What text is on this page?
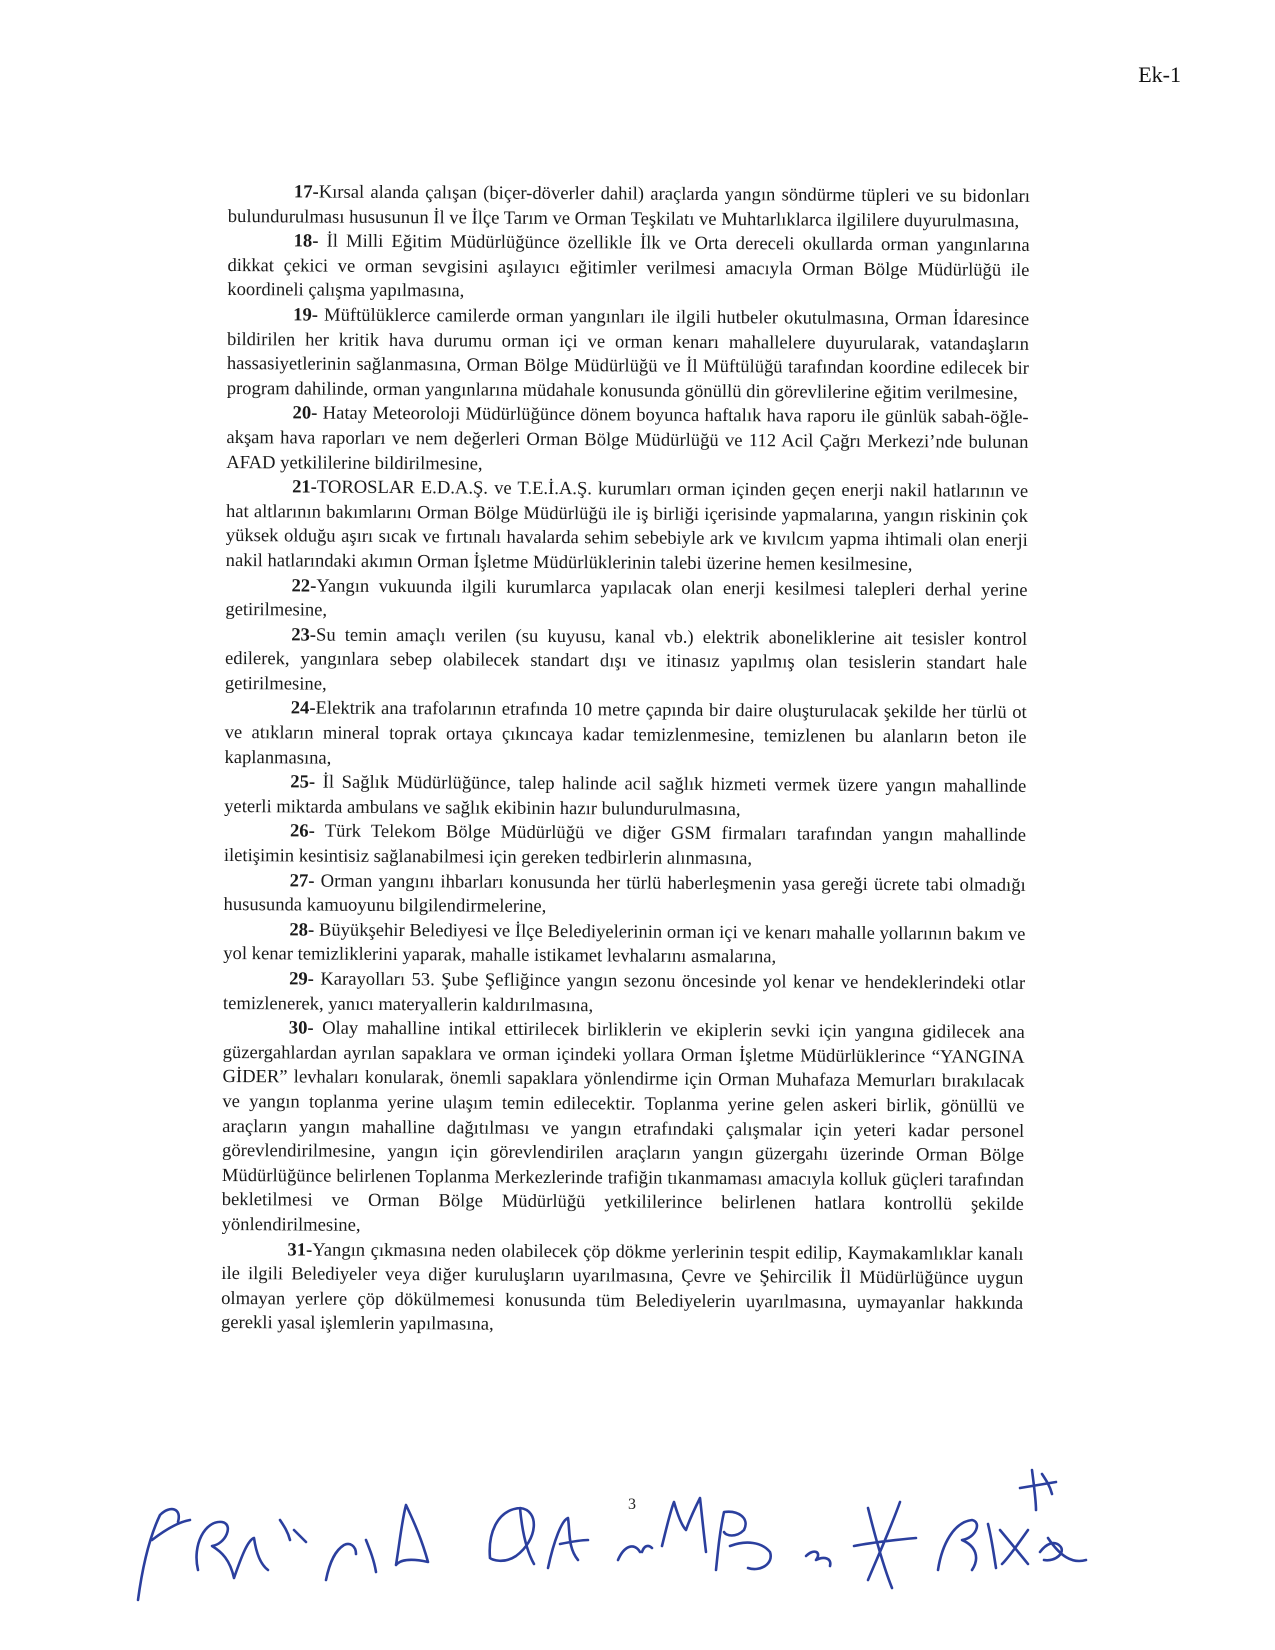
Ek-1

17-Kırsal alanda çalışan (biçer-döverler dahil) araçlarda yangın söndürme tüpleri ve su bidonları bulundurulması hususunun İl ve İlçe Tarım ve Orman Teşkilatı ve Muhtarlıklarca ilgililere duyurulmasına,

18- İl Milli Eğitim Müdürlüğünce özellikle İlk ve Orta dereceli okullarda orman yangınlarına dikkat çekici ve orman sevgisini aşılayıcı eğitimler verilmesi amacıyla Orman Bölge Müdürlüğü ile koordineli çalışma yapılmasına,

19- Müftülüklerce camilerde orman yangınları ile ilgili hutbeler okutulmasına, Orman İdaresince bildirilen her kritik hava durumu orman içi ve orman kenarı mahallelere duyurularak, vatandaşların hassasiyetlerinin sağlanmasına, Orman Bölge Müdürlüğü ve İl Müftülüğü tarafından koordine edilecek bir program dahilinde, orman yangınlarına müdahale konusunda gönüllü din görevlilerine eğitim verilmesine,

20- Hatay Meteoroloji Müdürlüğünce dönem boyunca haftalık hava raporu ile günlük sabah-öğle-akşam hava raporları ve nem değerleri Orman Bölge Müdürlüğü ve 112 Acil Çağrı Merkezi’nde bulunan AFAD yetkililerine bildirilmesine,

21-TOROSLAR E.D.A.Ş. ve T.E.İ.A.Ş. kurumları orman içinden geçen enerji nakil hatlarının ve hat altlarının bakımlarını Orman Bölge Müdürlüğü ile iş birliği içerisinde yapmalarına, yangın riskinin çok yüksek olduğu aşırı sıcak ve fırtınalı havalarda sehim sebebiyle ark ve kıvılcım yapma ihtimali olan enerji nakil hatlarındaki akımın Orman İşletme Müdürlüklerinin talebi üzerine hemen kesilmesine,

22-Yangın vukuunda ilgili kurumlarca yapılacak olan enerji kesilmesi talepleri derhal yerine getirilmesine,

23-Su temin amaçlı verilen (su kuyusu, kanal vb.) elektrik aboneliklerine ait tesisler kontrol edilerek, yangınlara sebep olabilecek standart dışı ve itinasız yapılmış olan tesislerin standart hale getirilmesine,

24-Elektrik ana trafolarının etrafında 10 metre çapında bir daire oluşturulacak şekilde her türlü ot ve atıkların mineral toprak ortaya çıkıncaya kadar temizlenmesine, temizlenen bu alanların beton ile kaplanmasına,

25- İl Sağlık Müdürlüğünce, talep halinde acil sağlık hizmeti vermek üzere yangın mahallinde yeterli miktarda ambulans ve sağlık ekibinin hazır bulundurulmasına,

26- Türk Telekom Bölge Müdürlüğü ve diğer GSM firmaları tarafından yangın mahallinde iletişimin kesintisiz sağlanabilmesi için gereken tedbirlerin alınmasına,

27- Orman yangını ihbarları konusunda her türlü haberleşmenin yasa gereği ücrete tabi olmadığı hususunda kamuoyunu bilgilendirmelerine,

28- Büyükşehir Belediyesi ve İlçe Belediyelerinin orman içi ve kenarı mahalle yollarının bakım ve yol kenar temizliklerini yaparak, mahalle istikamet levhalarını asmalarına,

29- Karayolları 53. Şube Şefliğince yangın sezonu öncesinde yol kenar ve hendeklerindeki otlar temizlenerek, yanıcı materyallerin kaldırılmasına,

30- Olay mahalline intikal ettirilecek birliklerin ve ekiplerin sevki için yangına gidilecek ana güzergahlardan ayrılan sapaklara ve orman içindeki yollara Orman İşletme Müdürlüklerince “YANGINA GİDER” levhaları konularak, önemli sapaklara yönlendirme için Orman Muhafaza Memurları bırakılacak ve yangın toplanma yerine ulaşım temin edilecektir. Toplanma yerine gelen askeri birlik, gönüllü ve araçların yangın mahalline dağıtılması ve yangın etrafındaki çalışmalar için yeteri kadar personel görevlendirilmesine, yangın için görevlendirilen araçların yangın güzergahı üzerinde Orman Bölge Müdürlüğünce belirlenen Toplanma Merkezlerinde trafiğin tıkanmaması amacıyla kolluk güçleri tarafından bekletilmesi ve Orman Bölge Müdürlüğü yetkililerince belirlenen hatlara kontrollü şekilde yönlendirilmesine,

31-Yangın çıkmasına neden olabilecek çöp dökme yerlerinin tespit edilip, Kaymakamlıklar kanalı ile ilgili Belediyeler veya diğer kuruluşların uyarılmasına, Çevre ve Şehircilik İl Müdürlüğünce uygun olmayan yerlere çöp dökülmemesi konusunda tüm Belediyelerin uyarılmasına, uymayanlar hakkında gerekli yasal işlemlerin yapılmasına,

3
